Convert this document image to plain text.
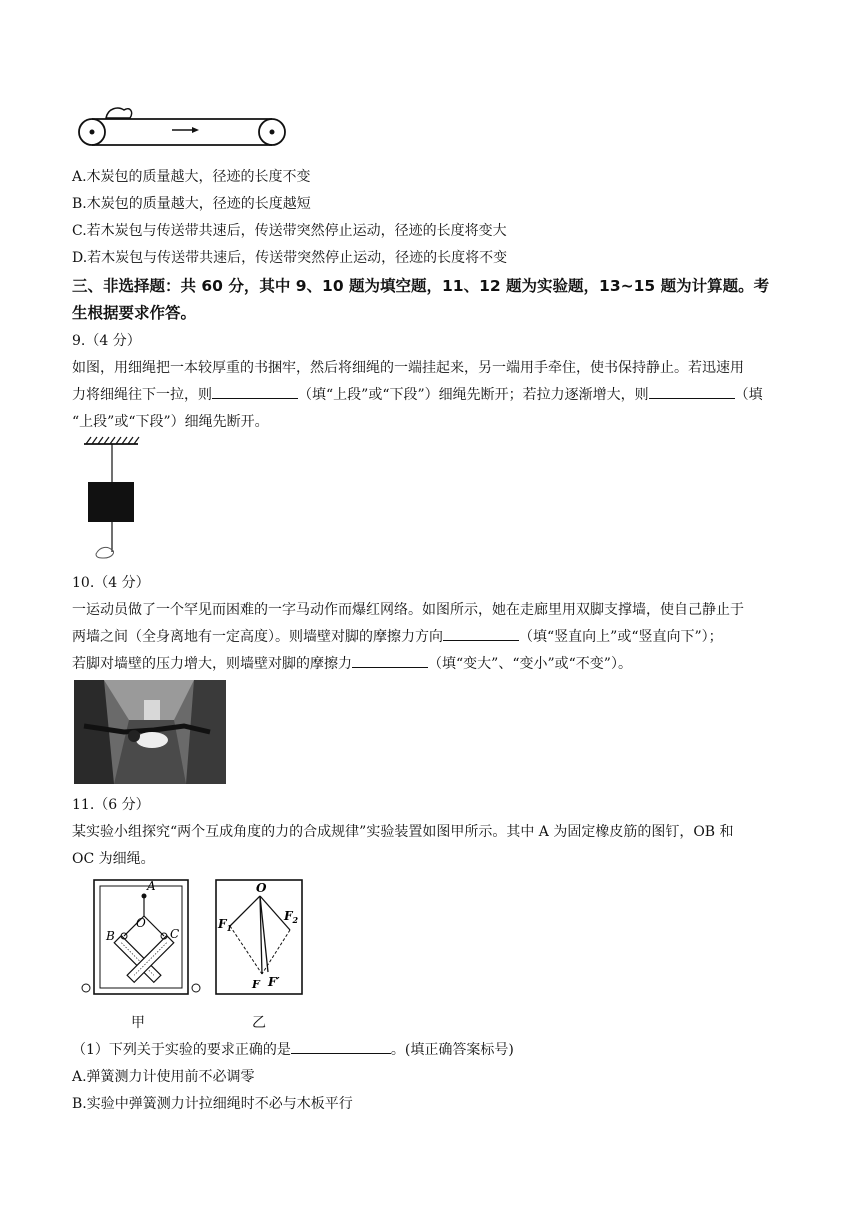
A.木炭包的质量越大，径迹的长度不变
B.木炭包的质量越大，径迹的长度越短
C.若木炭包与传送带共速后，传送带突然停止运动，径迹的长度将变大
D.若木炭包与传送带共速后，传送带突然停止运动，径迹的长度将不变
三、非选择题：共 60 分，其中 9、10 题为填空题，11、12 题为实验题，13~15 题为计算题。考
生根据要求作答。
9.（4 分）
如图，用细绳把一本较厚重的书捆牢，然后将细绳的一端挂起来，另一端用手牵住，使书保持静止。若迅速用
力将细绳往下一拉，则	（填“上段”或“下段”）细绳先断开；若拉力逐渐增大，则	（填
“上段”或“下段”）细绳先断开。
10.（4 分）
一运动员做了一个罕见而困难的一字马动作而爆红网络。如图所示，她在走廊里用双脚支撑墙，使自己静止于
两墙之间（全身离地有一定高度）。则墙壁对脚的摩擦力方向	（填“竖直向上”或“竖直向下”）；
若脚对墙壁的压力增大，则墙壁对脚的摩擦力	（填“变大”、“变小”或“不变”）。
11.（6 分）
某实验小组探究“两个互成角度的力的合成规律”实验装置如图甲所示。其中 A 为固定橡皮筋的图钉，OB 和
OC 为细绳。
A
O
B	C
O
$F_1$
$F_2$
F F′
甲	乙
（1）下列关于实验的要求正确的是	。(填正确答案标号)
A.弹簧测力计使用前不必调零
B.实验中弹簧测力计拉细绳时不必与木板平行
